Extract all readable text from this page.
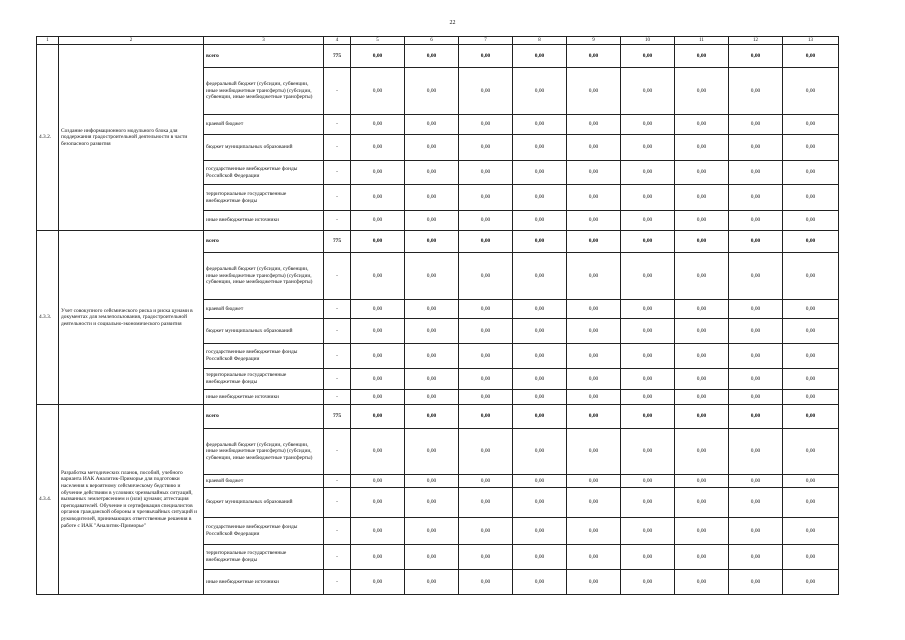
22
1	2	3	4	5	6	7	8	9	10	11	12	13
4.3.2.	Создание информационного модульного блока для поддержания градостроительной деятельности в части безопасного развития	всего	775	0,00	0,00	0,00	0,00	0,00	0,00	0,00	0,00	0,00
		федеральный бюджет (субсидии, субвенции, иные межбюджетные трансферты) (субсидии, субвенции, иные межбюджетные трансферты)	-	0,00	0,00	0,00	0,00	0,00	0,00	0,00	0,00	0,00
		краевой бюджет	-	0,00	0,00	0,00	0,00	0,00	0,00	0,00	0,00	0,00
		бюджет муниципальных образований	-	0,00	0,00	0,00	0,00	0,00	0,00	0,00	0,00	0,00
		государственные внебюджетные фонды Российской Федерации	-	0,00	0,00	0,00	0,00	0,00	0,00	0,00	0,00	0,00
		территориальные государственные внебюджетные фонды	-	0,00	0,00	0,00	0,00	0,00	0,00	0,00	0,00	0,00
		иные внебюджетные источники	-	0,00	0,00	0,00	0,00	0,00	0,00	0,00	0,00	0,00
4.3.3.	Учет совокупного сейсмического риска и риска цунами в документах для землепользования, градостроительной деятельности и социально-экономического развития	всего	775	0,00	0,00	0,00	0,00	0,00	0,00	0,00	0,00	0,00
		федеральный бюджет (субсидии, субвенции, иные межбюджетные трансферты) (субсидии, субвенции, иные межбюджетные трансферты)	-	0,00	0,00	0,00	0,00	0,00	0,00	0,00	0,00	0,00
		краевой бюджет	-	0,00	0,00	0,00	0,00	0,00	0,00	0,00	0,00	0,00
		бюджет муниципальных образований	-	0,00	0,00	0,00	0,00	0,00	0,00	0,00	0,00	0,00
		государственные внебюджетные фонды Российской Федерации	-	0,00	0,00	0,00	0,00	0,00	0,00	0,00	0,00	0,00
		территориальные государственные внебюджетные фонды	-	0,00	0,00	0,00	0,00	0,00	0,00	0,00	0,00	0,00
		иные внебюджетные источники	-	0,00	0,00	0,00	0,00	0,00	0,00	0,00	0,00	0,00
4.3.4.	Разработка методических планов, пособий, учебного варианта ИАК Аналитик-Приморье для подготовки населения к вероятному сейсмическому бедствию и обучение действиям в условиях чрезвычайных ситуаций, вызванных землетрясением и (или) цунами; аттестация преподавателей. Обучение и сертификация специалистов органов гражданской обороны и чрезвычайных ситуаций и руководителей, принимающих ответственные решения в работе с ИАК "Аналитик-Приморье"	всего	775	0,00	0,00	0,00	0,00	0,00	0,00	0,00	0,00	0,00
		федеральный бюджет (субсидии, субвенции, иные межбюджетные трансферты) (субсидии, субвенции, иные межбюджетные трансферты)	-	0,00	0,00	0,00	0,00	0,00	0,00	0,00	0,00	0,00
		краевой бюджет	-	0,00	0,00	0,00	0,00	0,00	0,00	0,00	0,00	0,00
		бюджет муниципальных образований	-	0,00	0,00	0,00	0,00	0,00	0,00	0,00	0,00	0,00
		государственные внебюджетные фонды Российской Федерации	-	0,00	0,00	0,00	0,00	0,00	0,00	0,00	0,00	0,00
		территориальные государственные внебюджетные фонды	-	0,00	0,00	0,00	0,00	0,00	0,00	0,00	0,00	0,00
		иные внебюджетные источники	-	0,00	0,00	0,00	0,00	0,00	0,00	0,00	0,00	0,00
